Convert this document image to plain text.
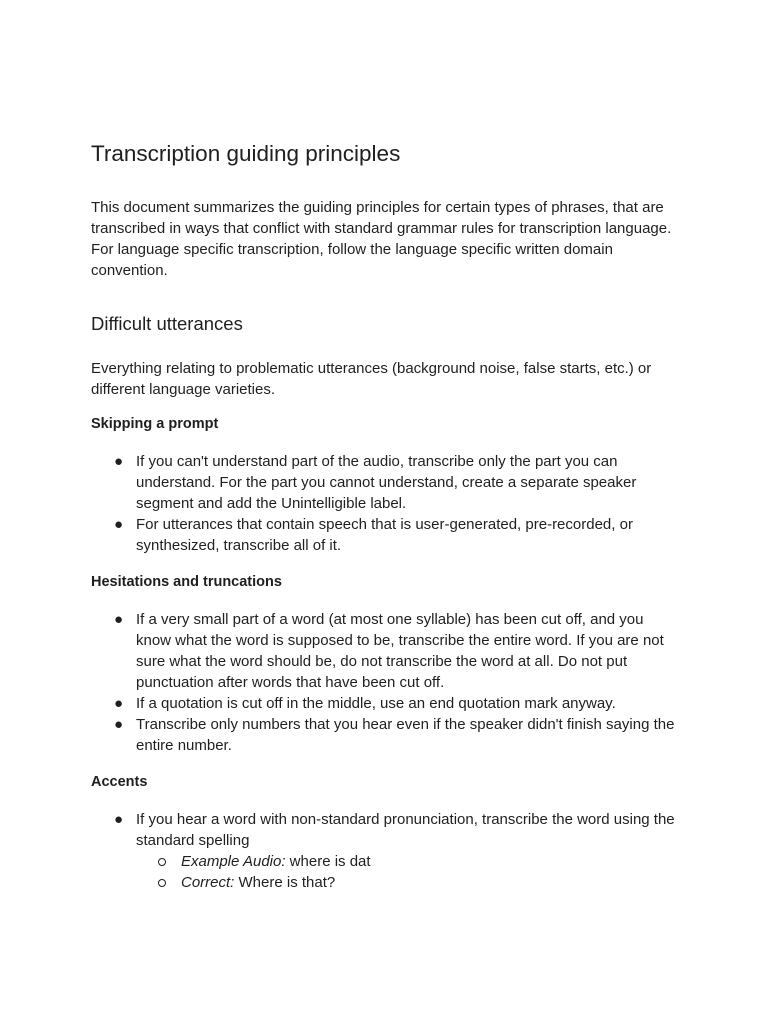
Transcription guiding principles

This document summarizes the guiding principles for certain types of phrases, that are transcribed in ways that conflict with standard grammar rules for transcription language. For language specific transcription, follow the language specific written domain convention.

Difficult utterances

Everything relating to problematic utterances (background noise, false starts, etc.) or different language varieties.

Skipping a prompt
● If you can't understand part of the audio, transcribe only the part you can understand. For the part you cannot understand, create a separate speaker segment and add the Unintelligible label.
● For utterances that contain speech that is user-generated, pre-recorded, or synthesized, transcribe all of it.
Hesitations and truncations
● If a very small part of a word (at most one syllable) has been cut off, and you know what the word is supposed to be, transcribe the entire word. If you are not sure what the word should be, do not transcribe the word at all. Do not put punctuation after words that have been cut off.
● If a quotation is cut off in the middle, use an end quotation mark anyway.
● Transcribe only numbers that you hear even if the speaker didn't finish saying the entire number.
Accents
● If you hear a word with non-standard pronunciation, transcribe the word using the standard spelling
Example Audio: where is dat
Correct: Where is that?
